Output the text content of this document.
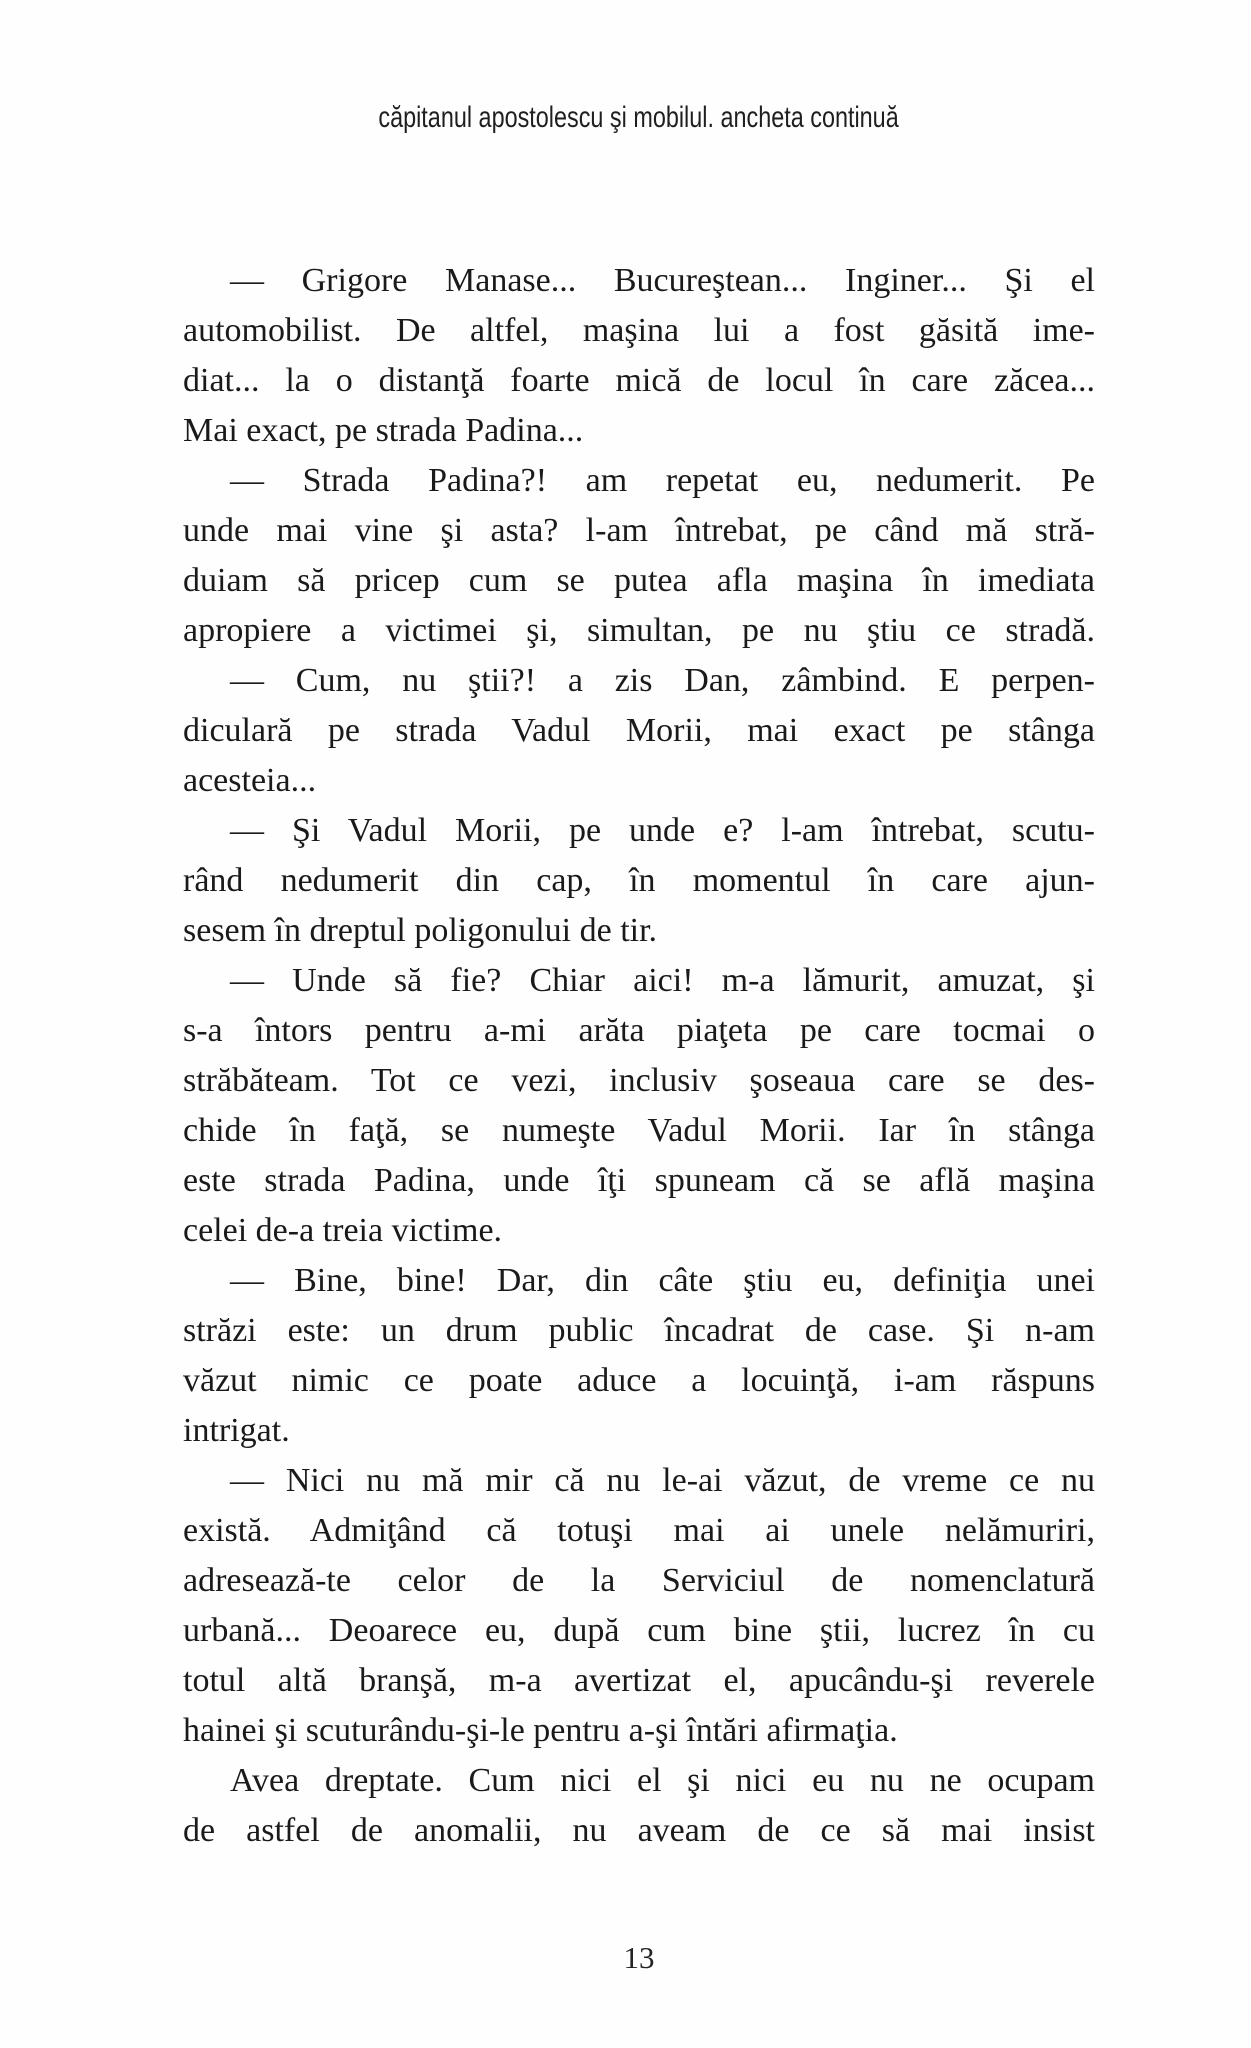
căpitanul apostolescu şi mobilul. ancheta continuă
— Grigore Manase... Bucureştean... Inginer... Şi el
automobilist. De altfel, maşina lui a fost găsită ime-
diat... la o distanţă foarte mică de locul în care zăcea...
Mai exact, pe strada Padina...
— Strada Padina?! am repetat eu, nedumerit. Pe
unde mai vine şi asta? l-am întrebat, pe când mă stră-
duiam să pricep cum se putea afla maşina în imediata
apropiere a victimei şi, simultan, pe nu ştiu ce stradă.
— Cum, nu ştii?! a zis Dan, zâmbind. E perpen-
diculară pe strada Vadul Morii, mai exact pe stânga
acesteia...
— Şi Vadul Morii, pe unde e? l-am întrebat, scutu-
rând nedumerit din cap, în momentul în care ajun-
sesem în dreptul poligonului de tir.
— Unde să fie? Chiar aici! m-a lămurit, amuzat, şi
s-a întors pentru a-mi arăta piaţeta pe care tocmai o
străbăteam. Tot ce vezi, inclusiv şoseaua care se des-
chide în faţă, se numeşte Vadul Morii. Iar în stânga
este strada Padina, unde îţi spuneam că se află maşina
celei de-a treia victime.
— Bine, bine! Dar, din câte ştiu eu, definiţia unei
străzi este: un drum public încadrat de case. Şi n-am
văzut nimic ce poate aduce a locuinţă, i-am răspuns
intrigat.
— Nici nu mă mir că nu le-ai văzut, de vreme ce nu
există. Admiţând că totuşi mai ai unele nelămuriri,
adresează-te celor de la Serviciul de nomenclatură
urbană... Deoarece eu, după cum bine ştii, lucrez în cu
totul altă branşă, m-a avertizat el, apucându-şi reverele
hainei şi scuturându-şi-le pentru a-şi întări afirmaţia.
Avea dreptate. Cum nici el şi nici eu nu ne ocupam
de astfel de anomalii, nu aveam de ce să mai insist
13
